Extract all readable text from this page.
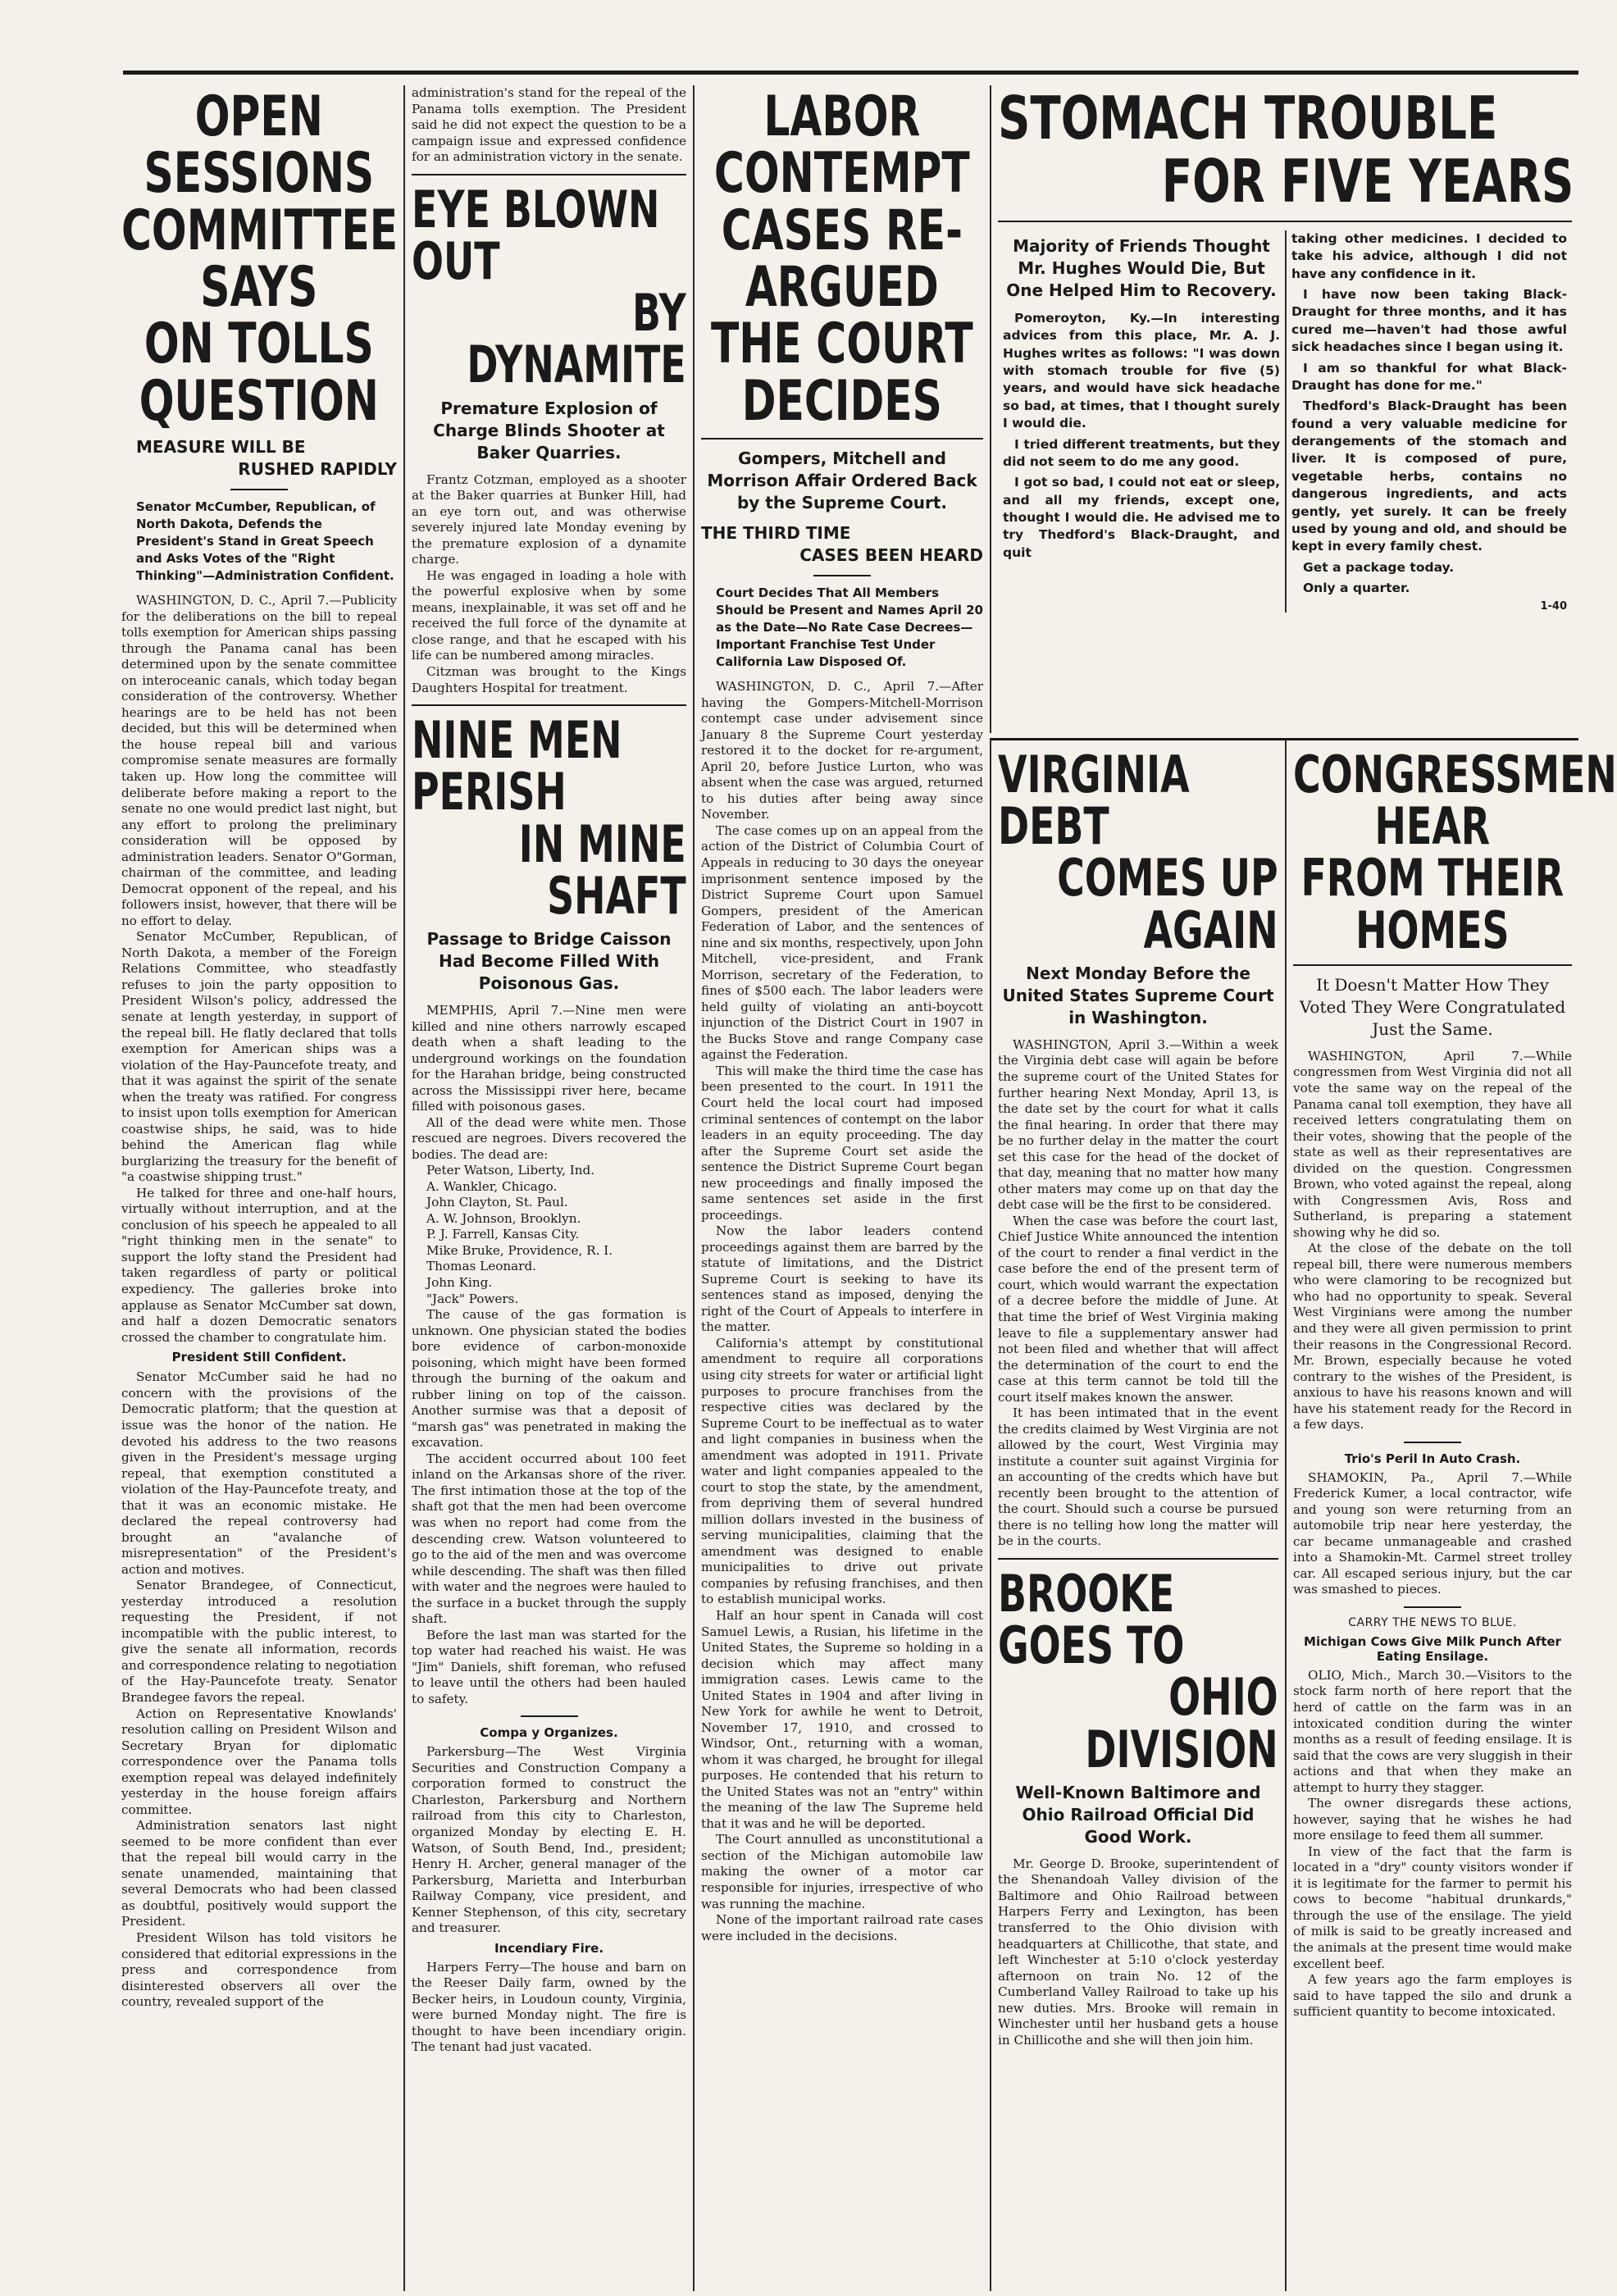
OPEN SESSIONS
COMMITTEE SAYS
ON TOLLS QUESTION
MEASURE WILL BE
RUSHED RAPIDLY
Senator McCumber, Republican, of North Dakota, Defends the President's Stand in Great Speech and Asks Votes of the "Right Thinking"—Administration Confident.

WASHINGTON, D. C., April 7.—Publicity for the deliberations on the bill to repeal tolls exemption for American ships passing through the Panama canal has been determined upon by the senate committee on interoceanic canals, which today began consideration of the controversy. Whether hearings are to be held has not been decided, but this will be determined when the house repeal bill and various compromise senate measures are formally taken up. How long the committee will deliberate before making a report to the senate no one would predict last night, but any effort to prolong the preliminary consideration will be opposed by administration leaders. Senator O"Gorman, chairman of the committee, and leading Democrat opponent of the repeal, and his followers insist, however, that there will be no effort to delay.

Senator McCumber, Republican, of North Dakota, a member of the Foreign Relations Committee, who steadfastly refuses to join the party opposition to President Wilson's policy, addressed the senate at length yesterday, in support of the repeal bill. He flatly declared that tolls exemption for American ships was a violation of the Hay-Pauncefote treaty, and that it was against the spirit of the senate when the treaty was ratified. For congress to insist upon tolls exemption for American coastwise ships, he said, was to hide behind the American flag while burglarizing the treasury for the benefit of "a coastwise shipping trust."

He talked for three and one-half hours, virtually without interruption, and at the conclusion of his speech he appealed to all "right thinking men in the senate" to support the lofty stand the President had taken regardless of party or political expediency. The galleries broke into applause as Senator McCumber sat down, and half a dozen Democratic senators crossed the chamber to congratulate him.

President Still Confident.

Senator McCumber said he had no concern with the provisions of the Democratic platform; that the question at issue was the honor of the nation. He devoted his address to the two reasons given in the President's message urging repeal, that exemption constituted a violation of the Hay-Pauncefote treaty, and that it was an economic mistake. He declared the repeal controversy had brought an "avalanche of misrepresentation" of the President's action and motives.

Senator Brandegee, of Connecticut, yesterday introduced a resolution requesting the President, if not incompatible with the public interest, to give the senate all information, records and correspondence relating to negotiation of the Hay-Pauncefote treaty. Senator Brandegee favors the repeal.

Action on Representative Knowlands' resolution calling on President Wilson and Secretary Bryan for diplomatic correspondence over the Panama tolls exemption repeal was delayed indefinitely yesterday in the house foreign affairs committee.

Administration senators last night seemed to be more confident than ever that the repeal bill would carry in the senate unamended, maintaining that several Democrats who had been classed as doubtful, positively would support the President.

President Wilson has told visitors he considered that editorial expressions in the press and correspondence from disinterested observers all over the country, revealed support of the

administration's stand for the repeal of the Panama tolls exemption. The President said he did not expect the question to be a campaign issue and expressed confidence for an administration victory in the senate.

EYE BLOWN OUT
BY DYNAMITE
Premature Explosion of Charge Blinds Shooter at Baker Quarries.

Frantz Cotzman, employed as a shooter at the Baker quarries at Bunker Hill, had an eye torn out, and was otherwise severely injured late Monday evening by the premature explosion of a dynamite charge.

He was engaged in loading a hole with the powerful explosive when by some means, inexplainable, it was set off and he received the full force of the dynamite at close range, and that he escaped with his life can be numbered among miracles.

Citzman was brought to the Kings Daughters Hospital for treatment.

NINE MEN PERISH
IN MINE SHAFT
Passage to Bridge Caisson Had Become Filled With Poisonous Gas.

MEMPHIS, April 7.—Nine men were killed and nine others narrowly escaped death when a shaft leading to the underground workings on the foundation for the Harahan bridge, being constructed across the Mississippi river here, became filled with poisonous gases.

All of the dead were white men. Those rescued are negroes. Divers recovered the bodies. The dead are:

Peter Watson, Liberty, Ind.
A. Wankler, Chicago.
John Clayton, St. Paul.
A. W. Johnson, Brooklyn.
P. J. Farrell, Kansas City.
Mike Bruke, Providence, R. I.
Thomas Leonard.
John King.
"Jack" Powers.

The cause of the gas formation is unknown. One physician stated the bodies bore evidence of carbon-monoxide poisoning, which might have been formed through the burning of the oakum and rubber lining on top of the caisson. Another surmise was that a deposit of "marsh gas" was penetrated in making the excavation.

The accident occurred about 100 feet inland on the Arkansas shore of the river. The first intimation those at the top of the shaft got that the men had been overcome was when no report had come from the descending crew. Watson volunteered to go to the aid of the men and was overcome while descending. The shaft was then filled with water and the negroes were hauled to the surface in a bucket through the supply shaft.

Before the last man was started for the top water had reached his waist. He was "Jim" Daniels, shift foreman, who refused to leave until the others had been hauled to safety.

Compa y Organizes.

Parkersburg—The West Virginia Securities and Construction Company a corporation formed to construct the Charleston, Parkersburg and Northern railroad from this city to Charleston, organized Monday by electing E. H. Watson, of South Bend, Ind., president; Henry H. Archer, general manager of the Parkersburg, Marietta and Interburban Railway Company, vice president, and Kenner Stephenson, of this city, secretary and treasurer.

Incendiary Fire.

Harpers Ferry—The house and barn on the Reeser Daily farm, owned by the Becker heirs, in Loudoun county, Virginia, were burned Monday night. The fire is thought to have been incendiary origin. The tenant had just vacated.

LABOR CONTEMPT
CASES RE-ARGUED
THE COURT DECIDES
Gompers, Mitchell and Morrison Affair Ordered Back by the Supreme Court.
THE THIRD TIME
CASES BEEN HEARD
Court Decides That All Members Should be Present and Names April 20 as the Date—No Rate Case Decrees—Important Franchise Test Under California Law Disposed Of.

WASHINGTON, D. C., April 7.—After having the Gompers-Mitchell-Morrison contempt case under advisement since January 8 the Supreme Court yesterday restored it to the docket for re-argument, April 20, before Justice Lurton, who was absent when the case was argued, returned to his duties after being away since November.

The case comes up on an appeal from the action of the District of Columbia Court of Appeals in reducing to 30 days the oneyear imprisonment sentence imposed by the District Supreme Court upon Samuel Gompers, president of the American Federation of Labor, and the sentences of nine and six months, respectively, upon John Mitchell, vice-president, and Frank Morrison, secretary of the Federation, to fines of $500 each. The labor leaders were held guilty of violating an anti-boycott injunction of the District Court in 1907 in the Bucks Stove and range Company case against the Federation.

This will make the third time the case has been presented to the court. In 1911 the Court held the local court had imposed criminal sentences of contempt on the labor leaders in an equity proceeding. The day after the Supreme Court set aside the sentence the District Supreme Court began new proceedings and finally imposed the same sentences set aside in the first proceedings.

Now the labor leaders contend proceedings against them are barred by the statute of limitations, and the District Supreme Court is seeking to have its sentences stand as imposed, denying the right of the Court of Appeals to interfere in the matter.

California's attempt by constitutional amendment to require all corporations using city streets for water or artificial light purposes to procure franchises from the respective cities was declared by the Supreme Court to be ineffectual as to water and light companies in business when the amendment was adopted in 1911. Private water and light companies appealed to the court to stop the state, by the amendment, from depriving them of several hundred million dollars invested in the business of serving municipalities, claiming that the amendment was designed to enable municipalities to drive out private companies by refusing franchises, and then to establish municipal works.

Half an hour spent in Canada will cost Samuel Lewis, a Rusian, his lifetime in the United States, the Supreme so holding in a decision which may affect many immigration cases. Lewis came to the United States in 1904 and after living in New York for awhile he went to Detroit, November 17, 1910, and crossed to Windsor, Ont., returning with a woman, whom it was charged, he brought for illegal purposes. He contended that his return to the United States was not an "entry" within the meaning of the law The Supreme held that it was and he will be deported.

The Court annulled as unconstitutional a section of the Michigan automobile law making the owner of a motor car responsible for injuries, irrespective of who was running the machine.

None of the important railroad rate cases were included in the decisions.

STOMACH TROUBLE
FOR FIVE YEARS
Majority of Friends Thought Mr. Hughes Would Die, But One Helped Him to Recovery.

Pomeroyton, Ky.—In interesting advices from this place, Mr. A. J. Hughes writes as follows: "I was down with stomach trouble for five (5) years, and would have sick headache so bad, at times, that I thought surely I would die.

I tried different treatments, but they did not seem to do me any good.

I got so bad, I could not eat or sleep, and all my friends, except one, thought I would die. He advised me to try Thedford's Black-Draught, and quit

taking other medicines. I decided to take his advice, although I did not have any confidence in it.

I have now been taking Black-Draught for three months, and it has cured me—haven't had those awful sick headaches since I began using it.

I am so thankful for what Black-Draught has done for me."

Thedford's Black-Draught has been found a very valuable medicine for derangements of the stomach and liver. It is composed of pure, vegetable herbs, contains no dangerous ingredients, and acts gently, yet surely. It can be freely used by young and old, and should be kept in every family chest.

Get a package today.

Only a quarter.

1-40
VIRGINIA DEBT
COMES UP AGAIN
Next Monday Before the United States Supreme Court in Washington.

WASHINGTON, April 3.—Within a week the Virginia debt case will again be before the supreme court of the United States for further hearing Next Monday, April 13, is the date set by the court for what it calls the final hearing. In order that there may be no further delay in the matter the court set this case for the head of the docket of that day, meaning that no matter how many other maters may come up on that day the debt case will be the first to be considered.

When the case was before the court last, Chief Justice White announced the intention of the court to render a final verdict in the case before the end of the present term of court, which would warrant the expectation of a decree before the middle of June. At that time the brief of West Virginia making leave to file a supplementary answer had not been filed and whether that will affect the determination of the court to end the case at this term cannot be told till the court itself makes known the answer.

It has been intimated that in the event the credits claimed by West Virginia are not allowed by the court, West Virginia may institute a counter suit against Virginia for an accounting of the credts which have but recently been brought to the attention of the court. Should such a course be pursued there is no telling how long the matter will be in the courts.

BROOKE GOES TO
OHIO DIVISION
Well-Known Baltimore and Ohio Railroad Official Did Good Work.

Mr. George D. Brooke, superintendent of the Shenandoah Valley division of the Baltimore and Ohio Railroad between Harpers Ferry and Lexington, has been transferred to the Ohio division with headquarters at Chillicothe, that state, and left Winchester at 5:10 o'clock yesterday afternoon on train No. 12 of the Cumberland Valley Railroad to take up his new duties. Mrs. Brooke will remain in Winchester until her husband gets a house in Chillicothe and she will then join him.

CONGRESSMEN HEAR
FROM THEIR HOMES
It Doesn't Matter How They Voted They Were Congratulated Just the Same.

WASHINGTON, April 7.—While congressmen from West Virginia did not all vote the same way on the repeal of the Panama canal toll exemption, they have all received letters congratulating them on their votes, showing that the people of the state as well as their representatives are divided on the question. Congressmen Brown, who voted against the repeal, along with Congressmen Avis, Ross and Sutherland, is preparing a statement showing why he did so.

At the close of the debate on the toll repeal bill, there were numerous members who were clamoring to be recognized but who had no opportunity to speak. Several West Virginians were among the number and they were all given permission to print their reasons in the Congressional Record. Mr. Brown, especially because he voted contrary to the wishes of the President, is anxious to have his reasons known and will have his statement ready for the Record in a few days.

Trio's Peril In Auto Crash.

SHAMOKIN, Pa., April 7.—While Frederick Kumer, a local contractor, wife and young son were returning from an automobile trip near here yesterday, the car became unmanageable and crashed into a Shamokin-Mt. Carmel street trolley car. All escaped serious injury, but the car was smashed to pieces.

CARRY THE NEWS TO BLUE.
Michigan Cows Give Milk Punch After Eating Ensilage.

OLIO, Mich., March 30.—Visitors to the stock farm north of here report that the herd of cattle on the farm was in an intoxicated condition during the winter months as a result of feeding ensilage. It is said that the cows are very sluggish in their actions and that when they make an attempt to hurry they stagger.

The owner disregards these actions, however, saying that he wishes he had more ensilage to feed them all summer.

In view of the fact that the farm is located in a "dry" county visitors wonder if it is legitimate for the farmer to permit his cows to become "habitual drunkards," through the use of the ensilage. The yield of milk is said to be greatly increased and the animals at the present time would make excellent beef.

A few years ago the farm employes is said to have tapped the silo and drunk a sufficient quantity to become intoxicated.
